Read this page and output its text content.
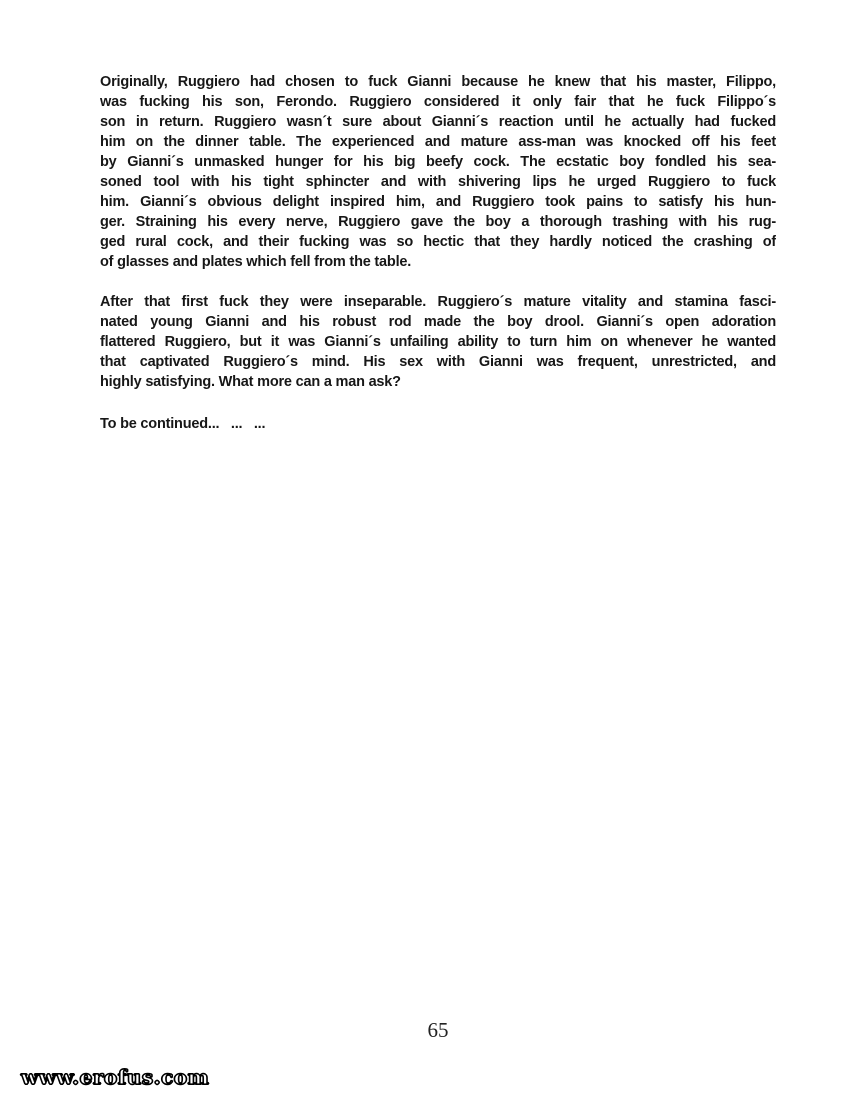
Originally, Ruggiero had chosen to fuck Gianni because he knew that his master, Filippo,
was fucking his son, Ferondo. Ruggiero considered it only fair that he fuck Filippo´s
son in return. Ruggiero wasn´t sure about Gianni´s reaction until he actually had fucked
him on the dinner table. The experienced and mature ass-man was knocked off his feet
by Gianni´s unmasked hunger for his big beefy cock. The ecstatic boy fondled his sea-
soned tool with his tight sphincter and with shivering lips he urged Ruggiero to fuck
him. Gianni´s obvious delight inspired him, and Ruggiero took pains to satisfy his hun-
ger. Straining his every nerve, Ruggiero gave the boy a thorough trashing with his rug-
ged rural cock, and their fucking was so hectic that they hardly noticed the crashing of
of glasses and plates which fell from the table.
After that first fuck they were inseparable. Ruggiero´s mature vitality and stamina fasci-
nated young Gianni and his robust rod made the boy drool. Gianni´s open adoration
flattered Ruggiero, but it was Gianni´s unfailing ability to turn him on whenever he wanted
that captivated Ruggiero´s mind. His sex with Gianni was frequent, unrestricted, and
highly satisfying. What more can a man ask?
To be continued...   ...   ...
65
www.erofus.com
